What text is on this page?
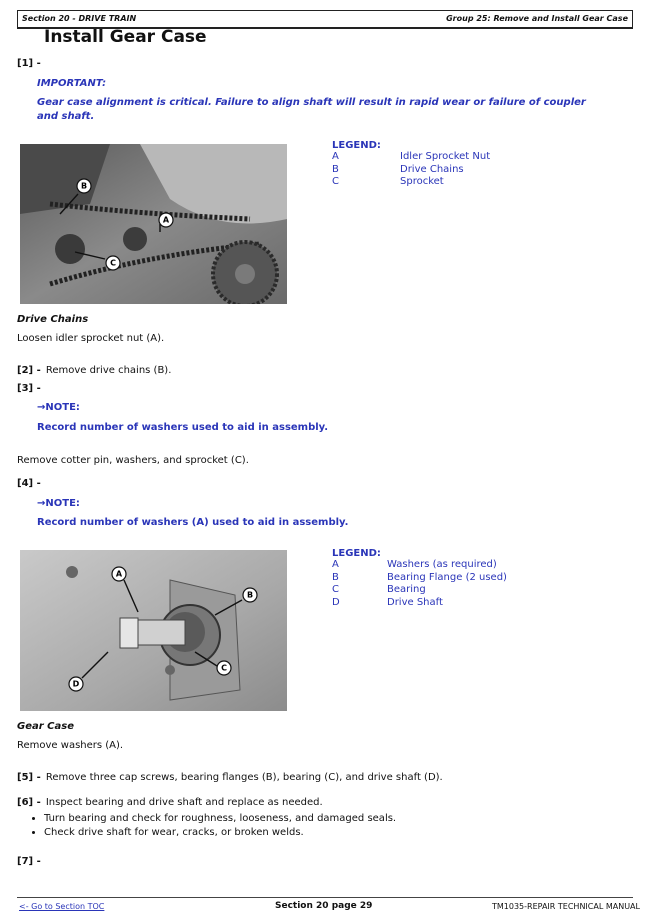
Section 20 - DRIVE TRAIN	Group 25: Remove and Install Gear Case
Install Gear Case
[1] -
IMPORTANT:
Gear case alignment is critical. Failure to align shaft will result in rapid wear or failure of coupler and shaft.
B
A
C
LEGEND:
A	Idler Sprocket Nut
B	Drive Chains
C	Sprocket
Drive Chains
Loosen idler sprocket nut (A).
[2] - Remove drive chains (B).
[3] -
→NOTE:
Record number of washers used to aid in assembly.
Remove cotter pin, washers, and sprocket (C).
[4] -
→NOTE:
Record number of washers (A) used to aid in assembly.
A
B
C
D
LEGEND:
A	Washers (as required)
B	Bearing Flange (2 used)
C	Bearing
D	Drive Shaft
Gear Case
Remove washers (A).
[5] - Remove three cap screws, bearing flanges (B), bearing (C), and drive shaft (D).
[6] - Inspect bearing and drive shaft and replace as needed.
• Turn bearing and check for roughness, looseness, and damaged seals.
• Check drive shaft for wear, cracks, or broken welds.
[7] -
<- Go to Section TOC	Section 20 page 29	TM1035-REPAIR TECHNICAL MANUAL
